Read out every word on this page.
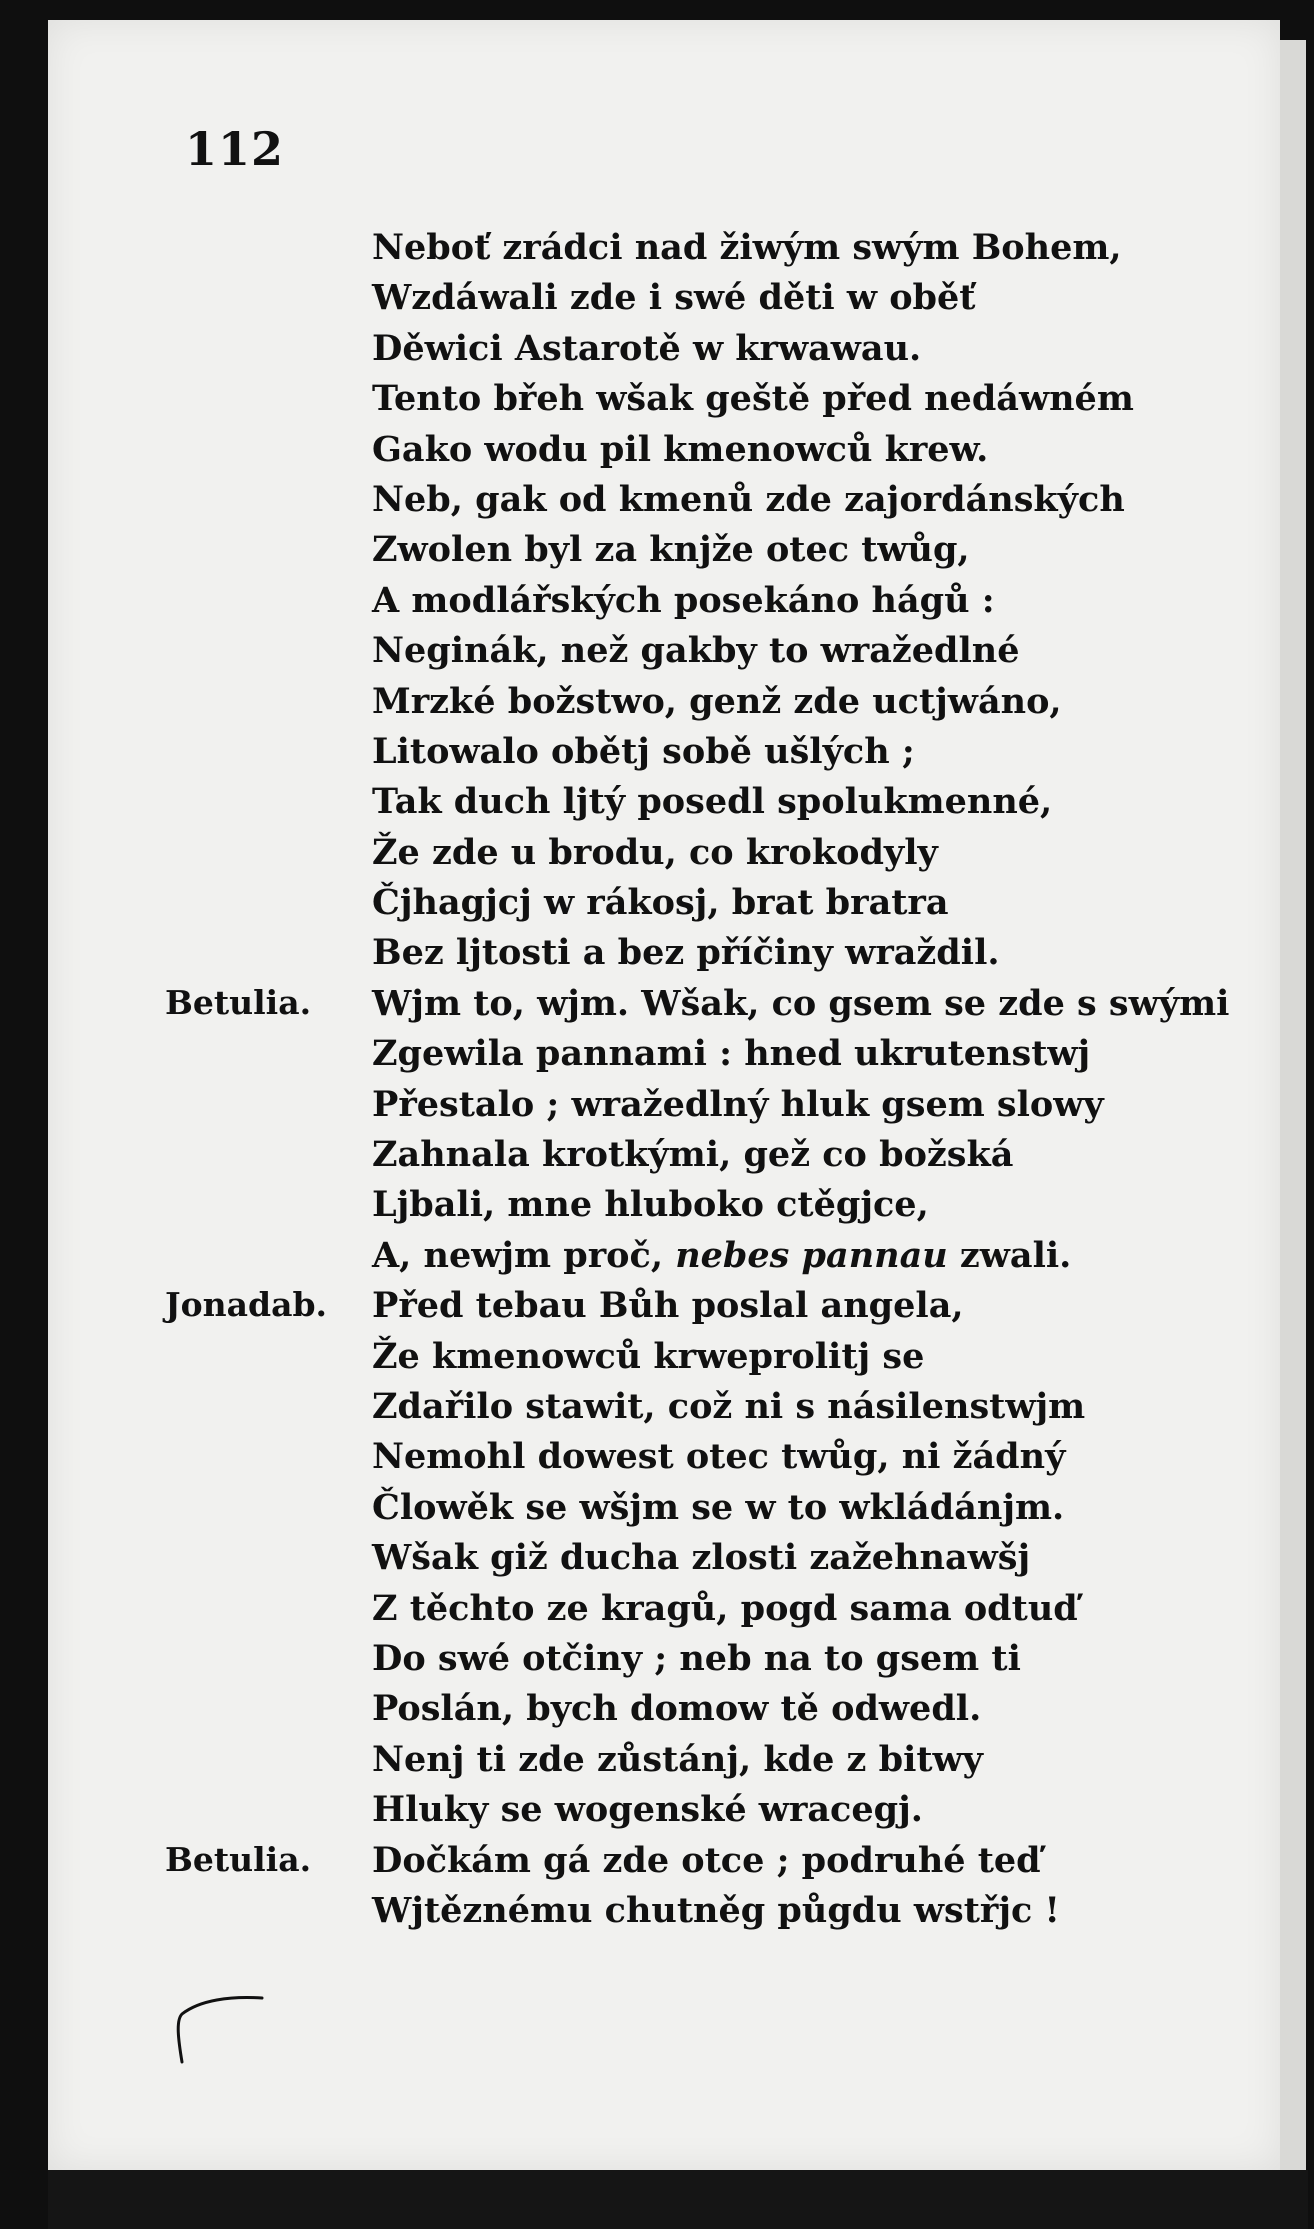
112
Neboť zrádci nad žiwým swým Bohem,
Wzdáwali zde i swé děti w oběť
Děwici Astarotě w krwawau.
Tento břeh wšak geště před nedáwném
Gako wodu pil kmenowců krew.
Neb, gak od kmenů zde zajordánských
Zwolen byl za knjže otec twůg,
A modlářských posekáno hágů :
Neginák, než gakby to wražedlné
Mrzké božstwo, genž zde uctjwáno,
Litowalo obětj sobě ušlých ;
Tak duch ljtý posedl spolukmenné,
Že zde u brodu, co krokodyly
Čjhagjcj w rákosj, brat bratra
Bez ljtosti a bez příčiny wraždil.
Betulia. Wjm to, wjm. Wšak, co gsem se zde s swými
Zgewila pannami : hned ukrutenstwj
Přestalo ; wražedlný hluk gsem slowy
Zahnala krotkými, gež co božská
Ljbali, mne hluboko ctěgjce,
A, newjm proč, nebes pannau zwali.
Jonadab. Před tebau Bůh poslal angela,
Že kmenowců krweprolitj se
Zdařilo stawit, což ni s násilenstwjm
Nemohl dowest otec twůg, ni žádný
Člowěk se wšjm se w to wkládánjm.
Wšak giž ducha zlosti zažehnawšj
Z těchto ze kragů, pogd sama odtuď
Do swé otčiny ; neb na to gsem ti
Poslán, bych domow tě odwedl.
Nenj ti zde zůstánj, kde z bitwy
Hluky se wogenské wracegj.
Betulia. Dočkám gá zde otce ; podruhé teď
Wjtěznému chutněg půgdu wstřjc !
